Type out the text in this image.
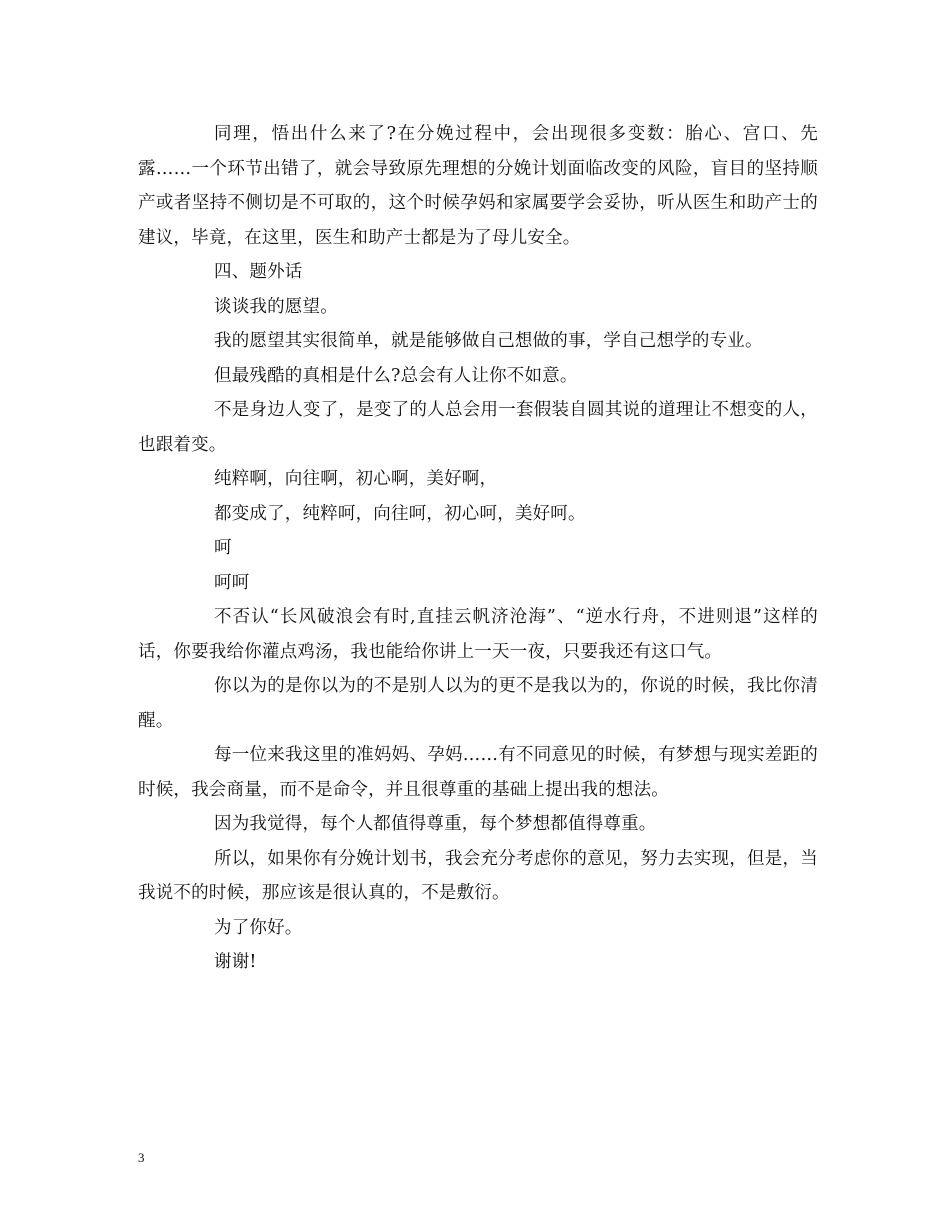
同理，悟出什么来了?在分娩过程中，会出现很多变数：胎心、宫口、先露……一个环节出错了，就会导致原先理想的分娩计划面临改变的风险，盲目的坚持顺产或者坚持不侧切是不可取的，这个时候孕妈和家属要学会妥协，听从医生和助产士的建议，毕竟，在这里，医生和助产士都是为了母儿安全。

四、题外话

谈谈我的愿望。

我的愿望其实很简单，就是能够做自己想做的事，学自己想学的专业。

但最残酷的真相是什么?总会有人让你不如意。

不是身边人变了，是变了的人总会用一套假装自圆其说的道理让不想变的人，也跟着变。

纯粹啊，向往啊，初心啊，美好啊，

都变成了，纯粹呵，向往呵，初心呵，美好呵。

呵

呵呵

不否认“长风破浪会有时,直挂云帆济沧海”、“逆水行舟，不进则退”这样的话，你要我给你灌点鸡汤，我也能给你讲上一天一夜，只要我还有这口气。

你以为的是你以为的不是别人以为的更不是我以为的，你说的时候，我比你清醒。

每一位来我这里的准妈妈、孕妈……有不同意见的时候，有梦想与现实差距的时候，我会商量，而不是命令，并且很尊重的基础上提出我的想法。

因为我觉得，每个人都值得尊重，每个梦想都值得尊重。

所以，如果你有分娩计划书，我会充分考虑你的意见，努力去实现，但是，当我说不的时候，那应该是很认真的，不是敷衍。

为了你好。

谢谢!

3
